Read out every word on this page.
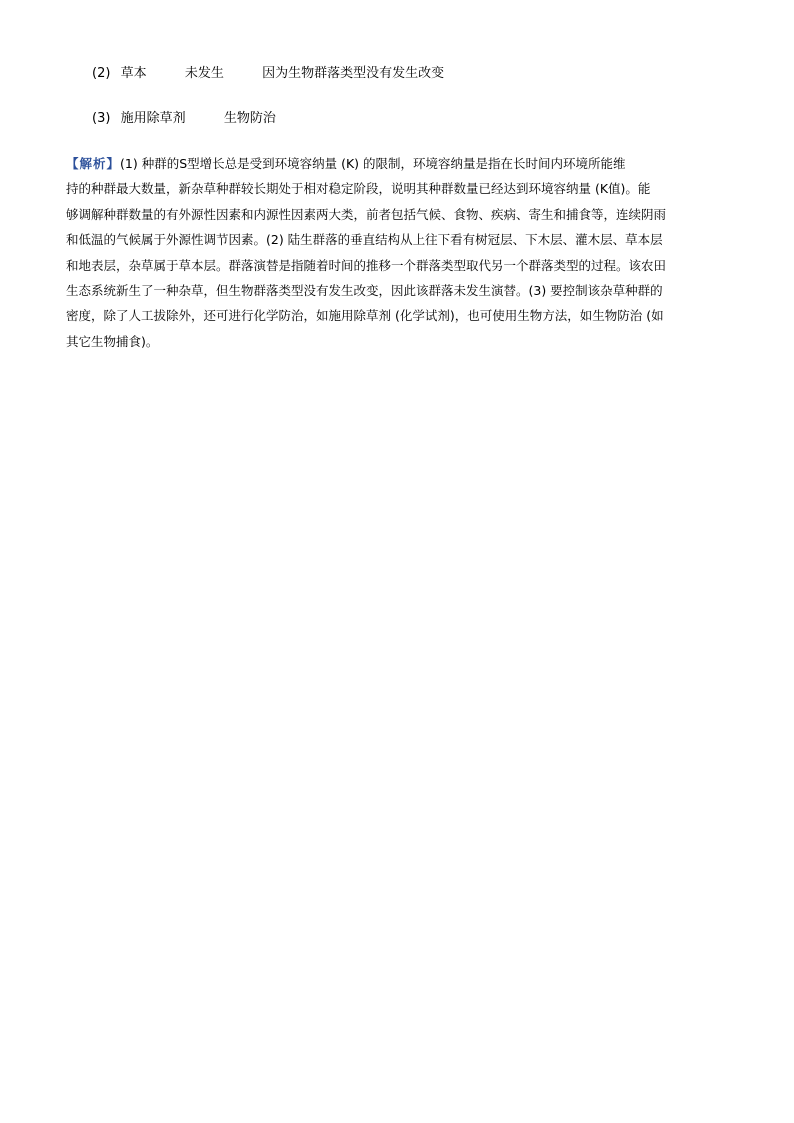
(2) 草本	未发生	因为生物群落类型没有发生改变
(3) 施用除草剂	生物防治
【解析】(1) 种群的S型增长总是受到环境容纳量 (K) 的限制，环境容纳量是指在长时间内环境所能维
持的种群最大数量，新杂草种群较长期处于相对稳定阶段，说明其种群数量已经达到环境容纳量 (K值)。能
够调解种群数量的有外源性因素和内源性因素两大类，前者包括气候、食物、疾病、寄生和捕食等，连续阴雨
和低温的气候属于外源性调节因素。(2) 陆生群落的垂直结构从上往下看有树冠层、下木层、灌木层、草本层
和地表层，杂草属于草本层。群落演替是指随着时间的推移一个群落类型取代另一个群落类型的过程。该农田
生态系统新生了一种杂草，但生物群落类型没有发生改变，因此该群落未发生演替。(3) 要控制该杂草种群的
密度，除了人工拔除外，还可进行化学防治，如施用除草剂 (化学试剂)，也可使用生物方法，如生物防治 (如
其它生物捕食)。
